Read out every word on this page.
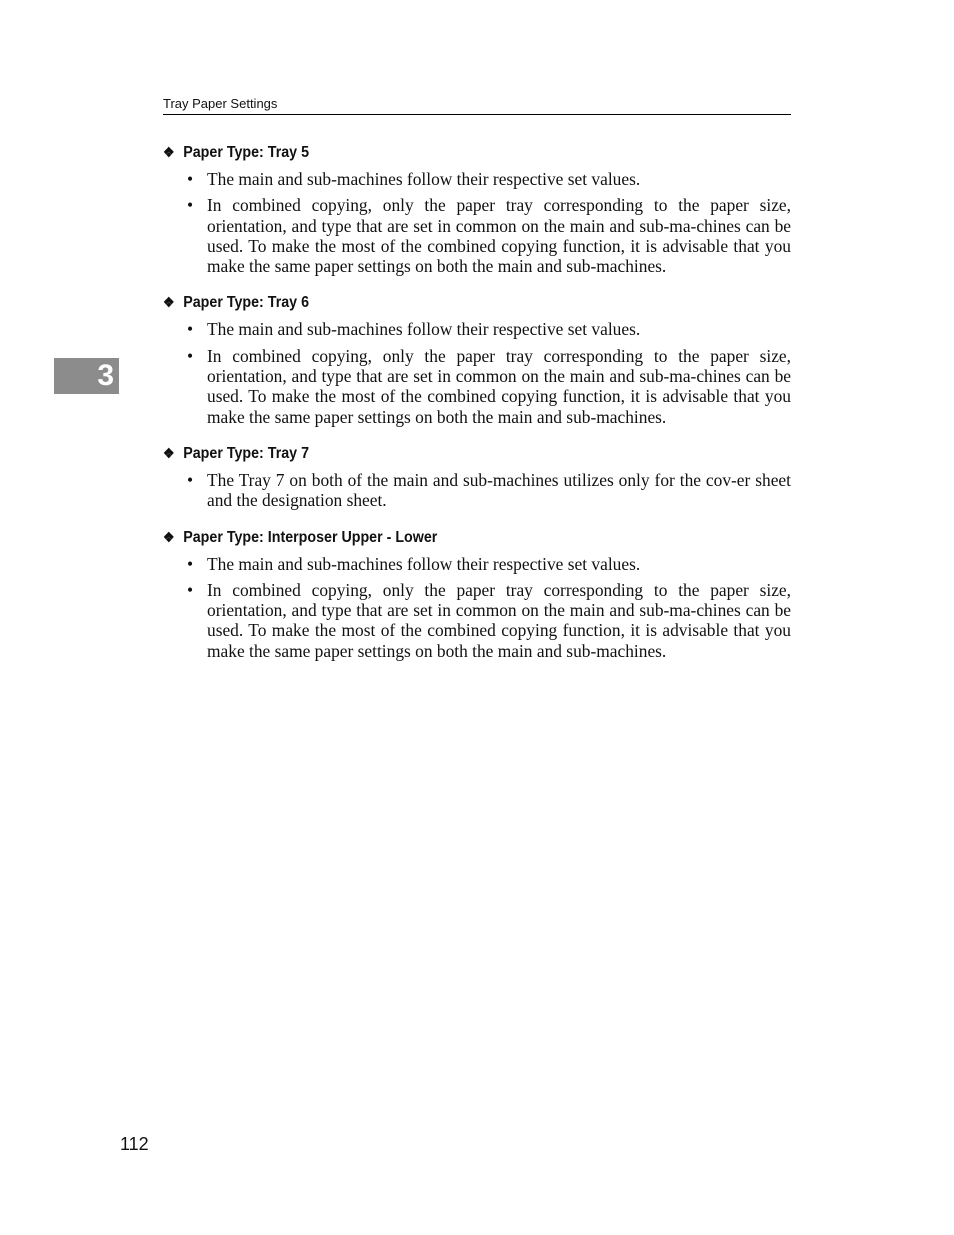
Tray Paper Settings
3
❖ Paper Type: Tray 5
• The main and sub-machines follow their respective set values.
• In combined copying, only the paper tray corresponding to the paper size, orientation, and type that are set in common on the main and sub-ma-chines can be used. To make the most of the combined copying function, it is advisable that you make the same paper settings on both the main and sub-machines.
❖ Paper Type: Tray 6
• The main and sub-machines follow their respective set values.
• In combined copying, only the paper tray corresponding to the paper size, orientation, and type that are set in common on the main and sub-ma-chines can be used. To make the most of the combined copying function, it is advisable that you make the same paper settings on both the main and sub-machines.
❖ Paper Type: Tray 7
• The Tray 7 on both of the main and sub-machines utilizes only for the cov-er sheet and the designation sheet.
❖ Paper Type: Interposer Upper - Lower
• The main and sub-machines follow their respective set values.
• In combined copying, only the paper tray corresponding to the paper size, orientation, and type that are set in common on the main and sub-ma-chines can be used. To make the most of the combined copying function, it is advisable that you make the same paper settings on both the main and sub-machines.
112
